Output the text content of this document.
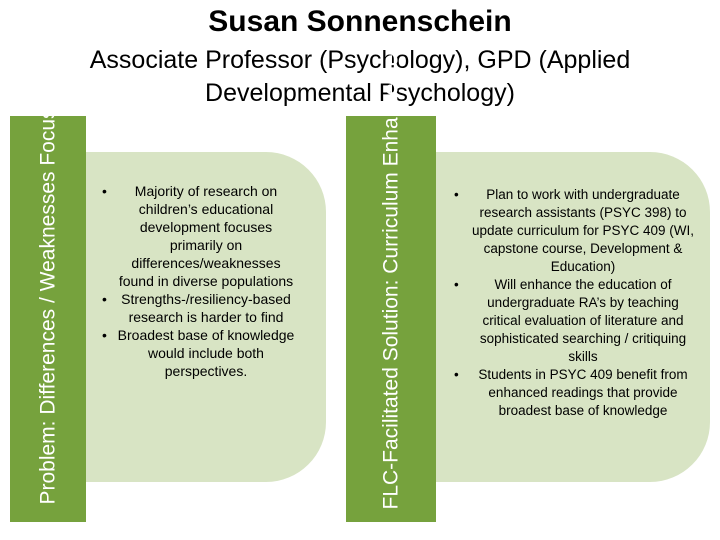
Susan Sonnenschein
Associate Professor (Psychology), GPD (Applied Developmental Psychology)
Problem: Differences / Weaknesses Focus	• Majority of research on children’s educational development focuses primarily on differences/weaknesses found in diverse populations
• Strengths-/resiliency-based research is harder to find
• Broadest base of knowledge would include both perspectives.	FLC-Facilitated Solution: Curriculum Enhancement	• Plan to work with undergraduate research assistants (PSYC 398) to update curriculum for PSYC 409 (WI, capstone course, Development & Education)
•	Will enhance the education of undergraduate RA’s by teaching critical evaluation of literature and sophisticated searching / critiquing skills
• Students in PSYC 409 benefit from enhanced readings that provide broadest base of knowledge
